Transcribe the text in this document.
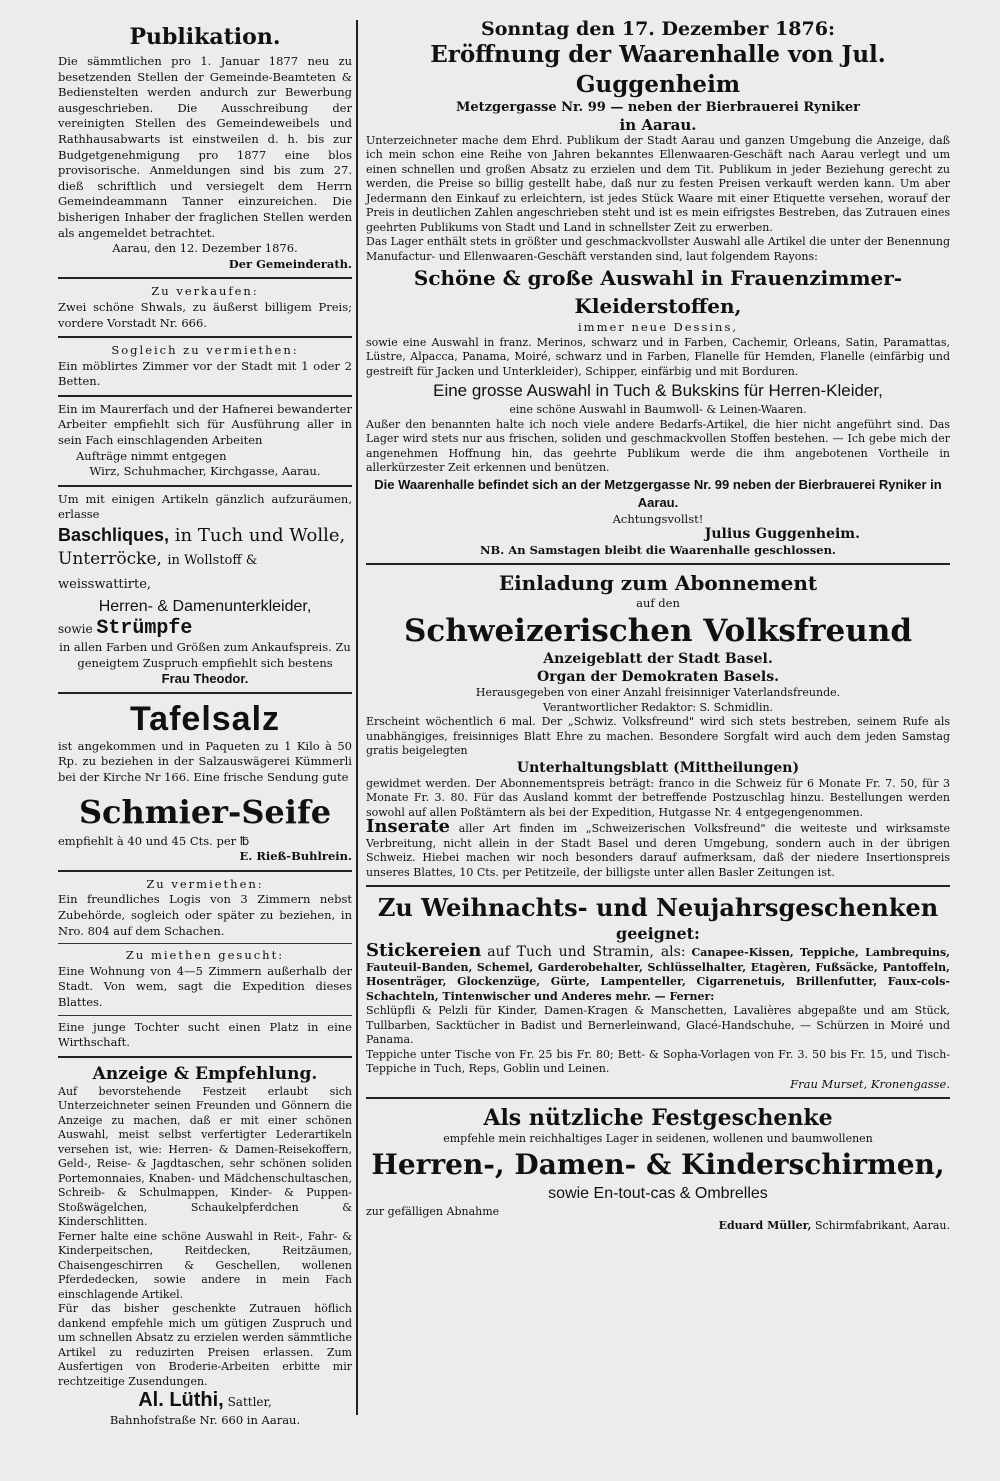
Publikation.

Die sämmtlichen pro 1. Januar 1877 neu zu besetzenden Stellen der Gemeinde-Beamteten & Bedienstelten werden andurch zur Bewerbung ausgeschrieben. Die Ausschreibung der vereinigten Stellen des Gemeindeweibels und Rathhausabwarts ist einstweilen d. h. bis zur Budgetgenehmigung pro 1877 eine blos provisorische. Anmeldungen sind bis zum 27. dieß schriftlich und versiegelt dem Herrn Gemeindeammann Tanner einzureichen. Die bisherigen Inhaber der fraglichen Stellen werden als angemeldet betrachtet.

Aarau, den 12. Dezember 1876.

Der Gemeinderath.

Zu verkaufen:

Zwei schöne Shwals, zu äußerst billigem Preis; vordere Vorstadt Nr. 666.

Sogleich zu vermiethen:

Ein möblirtes Zimmer vor der Stadt mit 1 oder 2 Betten.

Ein im Maurerfach und der Hafnerei bewanderter Arbeiter empfiehlt sich für Ausführung aller in sein Fach einschlagenden Arbeiten

Aufträge nimmt entgegen

Wirz, Schuhmacher, Kirchgasse, Aarau.

Um mit einigen Artikeln gänzlich aufzuräumen, erlasse

Baschliques, in Tuch und Wolle,

Unterröcke, in Wollstoff & weisswattirte,

Herren- & Damenunterkleider,

sowie Strümpfe

in allen Farben und Größen zum Ankaufspreis. Zu geneigtem Zuspruch empfiehlt sich bestens

Frau Theodor.

Tafelsalz

ist angekommen und in Paqueten zu 1 Kilo à 50 Rp. zu beziehen in der Salzauswägerei Kümmerli bei der Kirche Nr 166. Eine frische Sendung gute

Schmier-Seife

empfiehlt à 40 und 45 Cts. per ℔

E. Rieß-Buhlrein.

Zu vermiethen:

Ein freundliches Logis von 3 Zimmern nebst Zubehörde, sogleich oder später zu beziehen, in Nro. 804 auf dem Schachen.

Zu miethen gesucht:

Eine Wohnung von 4—5 Zimmern außerhalb der Stadt. Von wem, sagt die Expedition dieses Blattes.

Eine junge Tochter sucht einen Platz in eine Wirthschaft.

Anzeige & Empfehlung.

Auf bevorstehende Festzeit erlaubt sich Unterzeichneter seinen Freunden und Gönnern die Anzeige zu machen, daß er mit einer schönen Auswahl, meist selbst verfertigter Lederartikeln versehen ist, wie: Herren- & Damen-Reisekoffern, Geld-, Reise- & Jagdtaschen, sehr schönen soliden Portemonnaies, Knaben- und Mädchenschultaschen, Schreib- & Schulmappen, Kinder- & Puppen-Stoßwägelchen, Schaukelpferdchen & Kinderschlitten.

Ferner halte eine schöne Auswahl in Reit-, Fahr- & Kinderpeitschen, Reitdecken, Reitzäumen, Chaisengeschirren & Geschellen, wollenen Pferdedecken, sowie andere in mein Fach einschlagende Artikel.

Für das bisher geschenkte Zutrauen höflich dankend empfehle mich um gütigen Zuspruch und um schnellen Absatz zu erzielen werden sämmtliche Artikel zu reduzirten Preisen erlassen. Zum Ausfertigen von Broderie-Arbeiten erbitte mir rechtzeitige Zusendungen.

Al. Lüthi, Sattler,

Bahnhofstraße Nr. 660 in Aarau.

Sonntag den 17. Dezember 1876:

Eröffnung der Waarenhalle von Jul. Guggenheim

Metzgergasse Nr. 99 — neben der Bierbrauerei Ryniker

in Aarau.

Unterzeichneter mache dem Ehrd. Publikum der Stadt Aarau und ganzen Umgebung die Anzeige, daß ich mein schon eine Reihe von Jahren bekanntes Ellenwaaren-Geschäft nach Aarau verlegt und um einen schnellen und großen Absatz zu erzielen und dem Tit. Publikum in jeder Beziehung gerecht zu werden, die Preise so billig gestellt habe, daß nur zu festen Preisen verkauft werden kann. Um aber Jedermann den Einkauf zu erleichtern, ist jedes Stück Waare mit einer Etiquette versehen, worauf der Preis in deutlichen Zahlen angeschrieben steht und ist es mein eifrigstes Bestreben, das Zutrauen eines geehrten Publikums von Stadt und Land in schnellster Zeit zu erwerben.

Das Lager enthält stets in größter und geschmackvollster Auswahl alle Artikel die unter der Benennung Manufactur- und Ellenwaaren-Geschäft verstanden sind, laut folgendem Rayons:

Schöne & große Auswahl in Frauenzimmer-Kleiderstoffen,

immer neue Dessins,

sowie eine Auswahl in franz. Merinos, schwarz und in Farben, Cachemir, Orleans, Satin, Paramattas, Lüstre, Alpacca, Panama, Moiré, schwarz und in Farben, Flanelle für Hemden, Flanelle (einfärbig und gestreift für Jacken und Unterkleider), Schipper, einfärbig und mit Borduren.

Eine grosse Auswahl in Tuch & Bukskins für Herren-Kleider,

eine schöne Auswahl in Baumwoll- & Leinen-Waaren.

Außer den benannten halte ich noch viele andere Bedarfs-Artikel, die hier nicht angeführt sind. Das Lager wird stets nur aus frischen, soliden und geschmackvollen Stoffen bestehen. — Ich gebe mich der angenehmen Hoffnung hin, das geehrte Publikum werde die ihm angebotenen Vortheile in allerkürzester Zeit erkennen und benützen.

Die Waarenhalle befindet sich an der Metzgergasse Nr. 99 neben der Bierbrauerei Ryniker in Aarau.

Achtungsvollst!

Julius Guggenheim.

NB. An Samstagen bleibt die Waarenhalle geschlossen.

Einladung zum Abonnement

auf den

Schweizerischen Volksfreund

Anzeigeblatt der Stadt Basel.

Organ der Demokraten Basels.

Herausgegeben von einer Anzahl freisinniger Vaterlandsfreunde.

Verantwortlicher Redaktor: S. Schmidlin.

Erscheint wöchentlich 6 mal. Der „Schwiz. Volksfreund" wird sich stets bestreben, seinem Rufe als unabhängiges, freisinniges Blatt Ehre zu machen. Besondere Sorgfalt wird auch dem jeden Samstag gratis beigelegten

Unterhaltungsblatt (Mittheilungen)

gewidmet werden. Der Abonnementspreis beträgt: franco in die Schweiz für 6 Monate Fr. 7. 50, für 3 Monate Fr. 3. 80. Für das Ausland kommt der betreffende Postzuschlag hinzu. Bestellungen werden sowohl auf allen Poßtämtern als bei der Expedition, Hutgasse Nr. 4 entgegengenommen.

Inserate aller Art finden im „Schweizerischen Volksfreund" die weiteste und wirksamste Verbreitung, nicht allein in der Stadt Basel und deren Umgebung, sondern auch in der übrigen Schweiz. Hiebei machen wir noch besonders darauf aufmerksam, daß der niedere Insertionspreis unseres Blattes, 10 Cts. per Petitzeile, der billigste unter allen Basler Zeitungen ist.

Zu Weihnachts- und Neujahrsgeschenken

geeignet:

Stickereien auf Tuch und Stramin, als: Canapee-Kissen, Teppiche, Lambrequins, Fauteuil-Banden, Schemel, Garderobehalter, Schlüsselhalter, Etagèren, Fußsäcke, Pantoffeln, Hosenträger, Glockenzüge, Gürte, Lampenteller, Cigarrenetuis, Brillenfutter, Faux-cols-Schachteln, Tintenwischer und Anderes mehr. — Ferner:

Schlüpfli & Pelzli für Kinder, Damen-Kragen & Manschetten, Lavalières abgepaßte und am Stück, Tullbarben, Sacktücher in Badist und Bernerleinwand, Glacé-Handschuhe, — Schürzen in Moiré und Panama.

Teppiche unter Tische von Fr. 25 bis Fr. 80; Bett- & Sopha-Vorlagen von Fr. 3. 50 bis Fr. 15, und Tisch-Teppiche in Tuch, Reps, Goblin und Leinen.

Frau Murset, Kronengasse.

Als nützliche Festgeschenke

empfehle mein reichhaltiges Lager in seidenen, wollenen und baumwollenen

Herren-, Damen- & Kinderschirmen,

sowie En-tout-cas & Ombrelles

zur gefälligen Abnahme

Eduard Müller, Schirmfabrikant, Aarau.
